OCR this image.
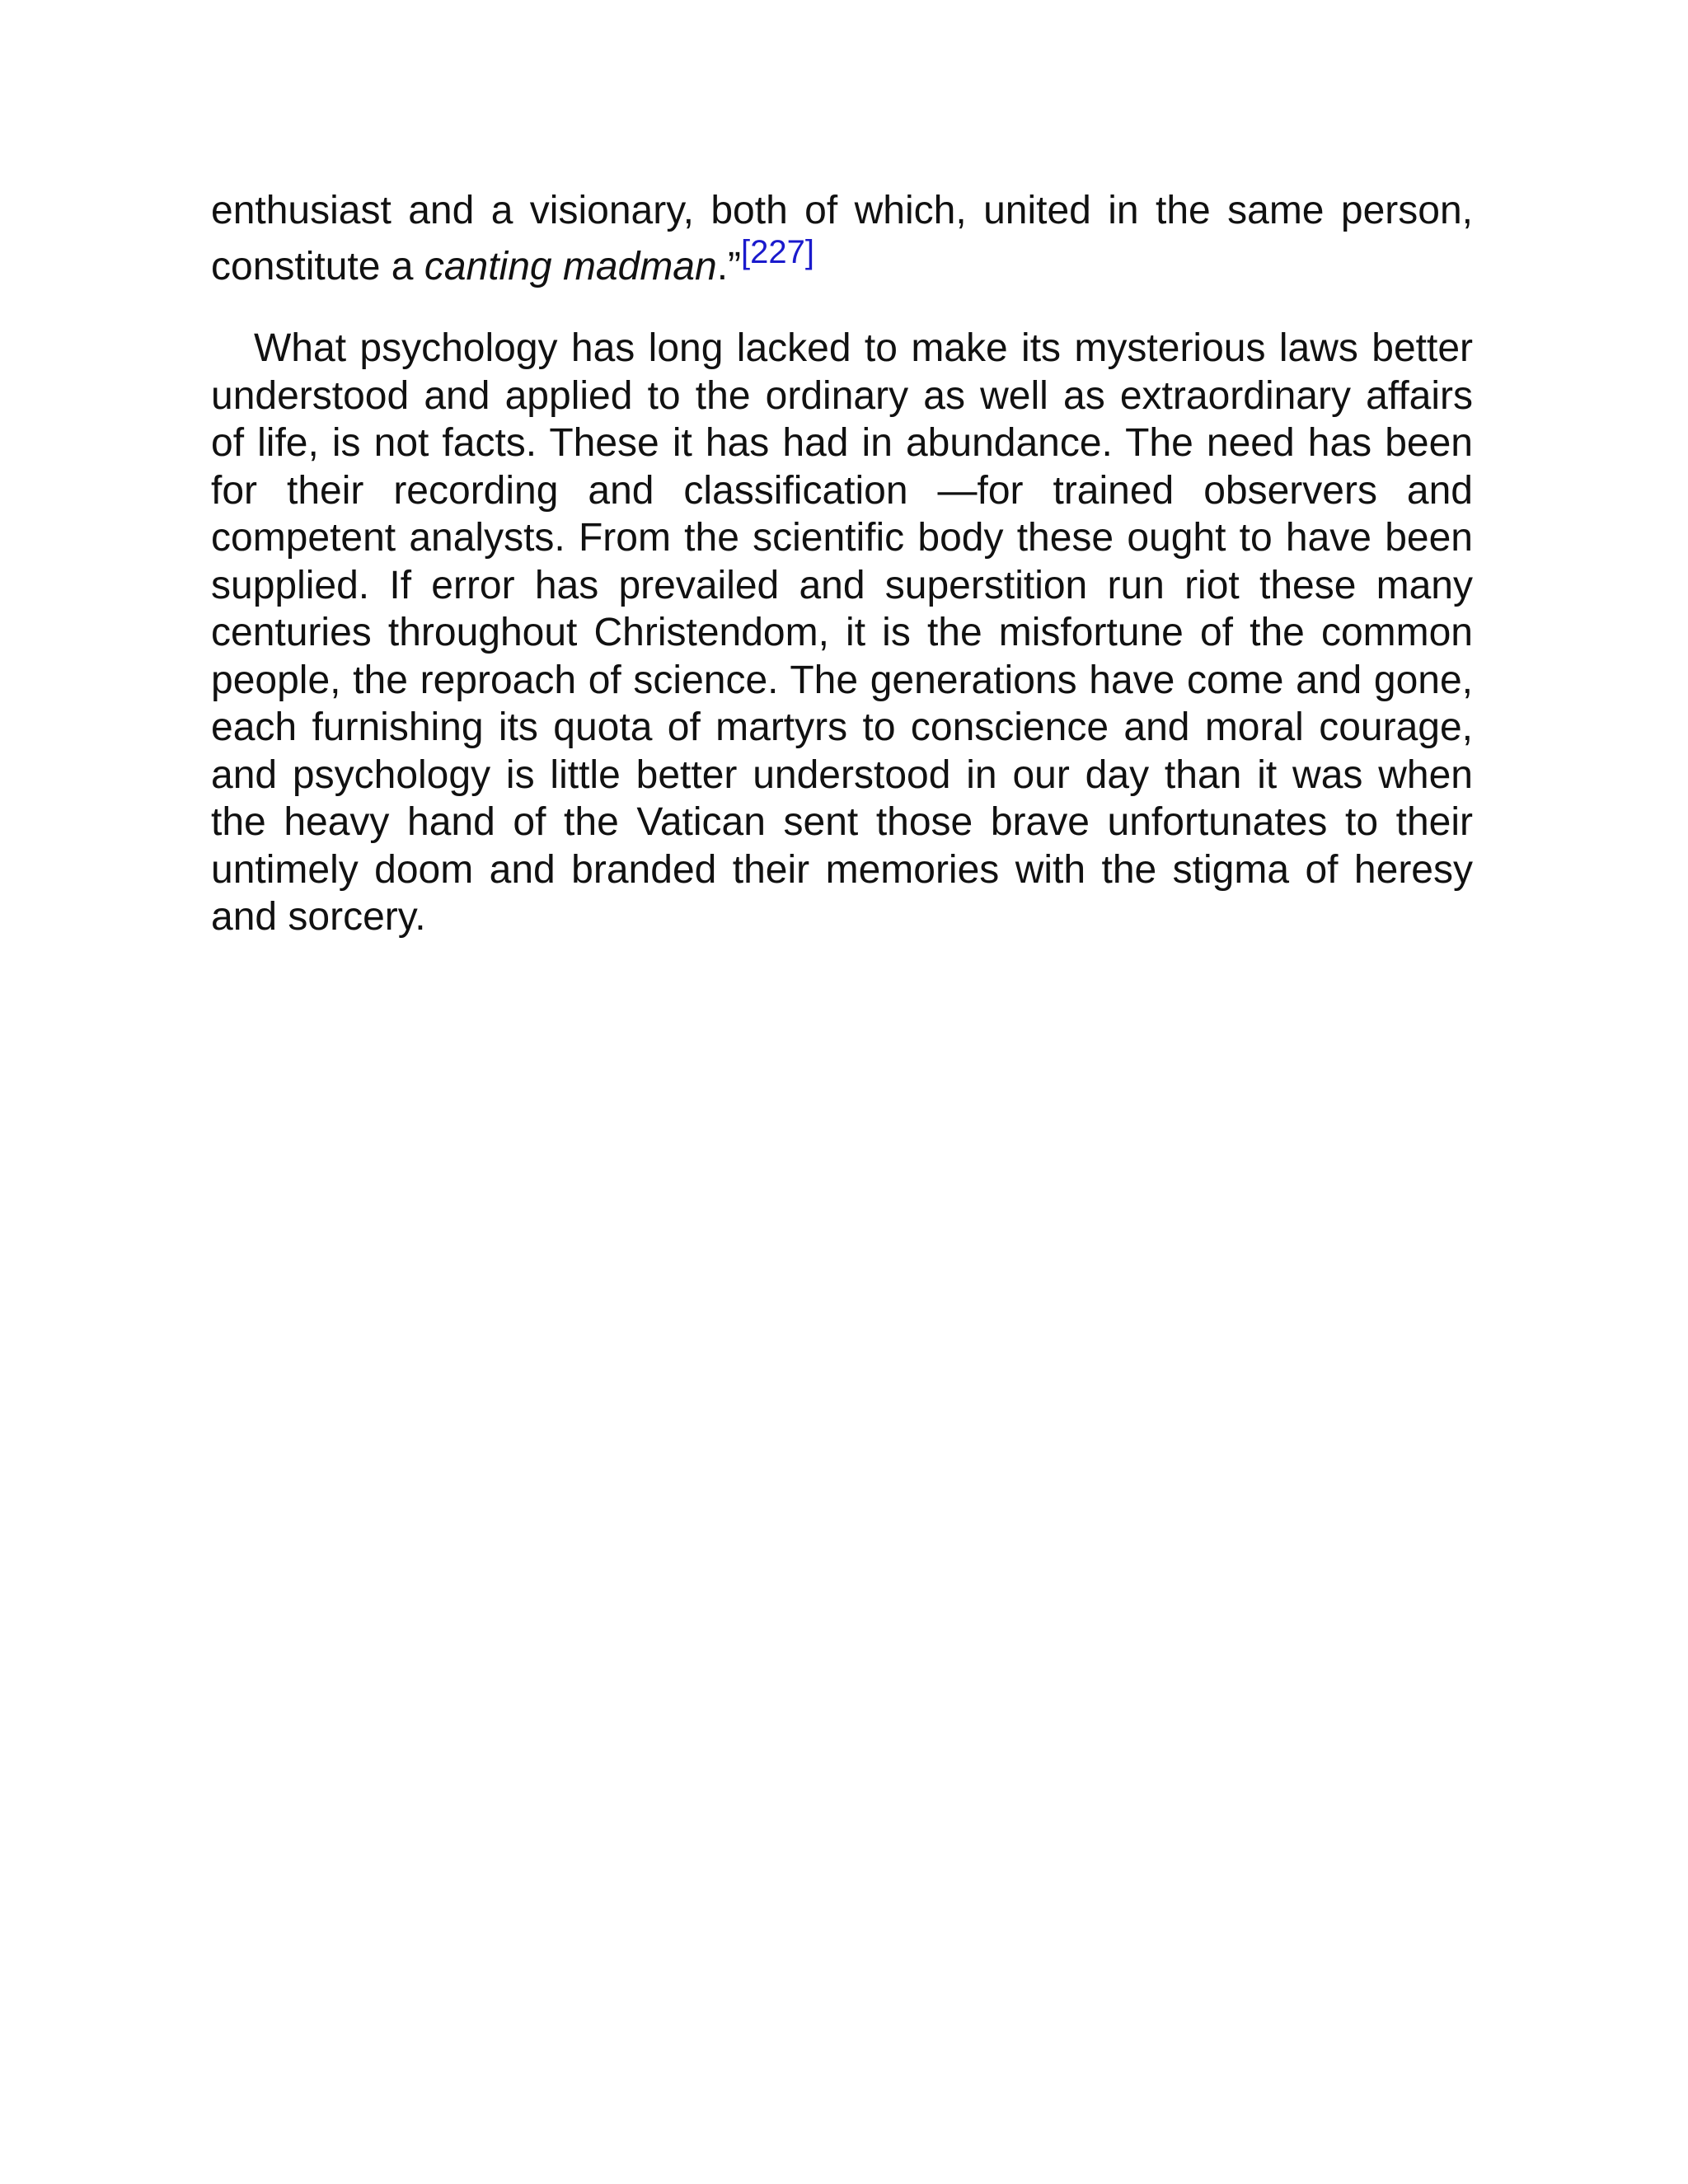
enthusiast and a visionary, both of which, united in the same person, constitute a canting madman.”[227]

What psychology has long lacked to make its mysterious laws better understood and applied to the ordinary as well as extraordinary affairs of life, is not facts. These it has had in abundance. The need has been for their recording and classification —for trained observers and competent analysts. From the scientific body these ought to have been supplied. If error has prevailed and superstition run riot these many centuries throughout Christendom, it is the misfortune of the common people, the reproach of science. The generations have come and gone, each furnishing its quota of martyrs to conscience and moral courage, and psychology is little better understood in our day than it was when the heavy hand of the Vatican sent those brave unfortunates to their untimely doom and branded their memories with the stigma of heresy and sorcery.
